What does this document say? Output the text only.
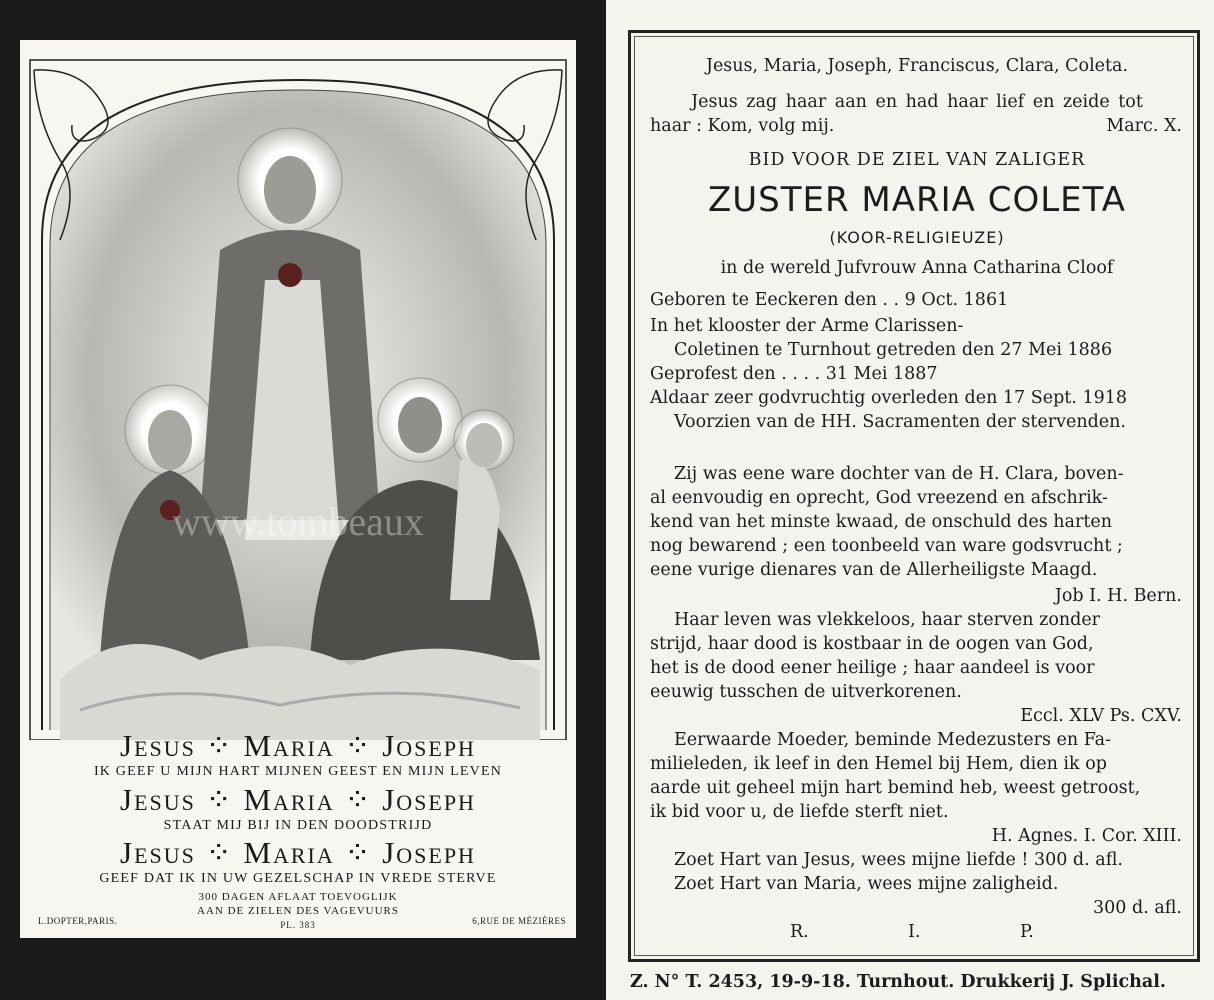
www.tombeaux
Jesus ⁘ Maria ⁘ Joseph
IK GEEF U MIJN HART MIJNEN GEEST EN MIJN LEVEN
Jesus ⁘ Maria ⁘ Joseph
STAAT MIJ BIJ IN DEN DOODSTRIJD
Jesus ⁘ Maria ⁘ Joseph
GEEF DAT IK IN UW GEZELSCHAP IN VREDE STERVE
300 DAGEN AFLAAT TOEVOGLIJK
AAN DE ZIELEN DES VAGEVUURS
PL. 383
L.DOPTER,PARIS.	6,RUE DE MÉZIÈRES
Jesus, Maria, Joseph, Franciscus, Clara, Coleta.
Jesus zag haar aan en had haar lief en zeide tot
haar : Kom, volg mij.	Marc. X.
BID VOOR DE ZIEL VAN ZALIGER
ZUSTER MARIA COLETA
(KOOR-RELIGIEUZE)
in de wereld Jufvrouw Anna Catharina Cloof
Geboren te Eeckeren den . . 9 Oct. 1861
In het klooster der Arme Clarissen-
Coletinen te Turnhout getreden den 27 Mei 1886
Geprofest den . . . . 31 Mei 1887
Aldaar zeer godvruchtig overleden den 17 Sept. 1918
Voorzien van de HH. Sacramenten der stervenden.
Zij was eene ware dochter van de H. Clara, boven-
al eenvoudig en oprecht, God vreezend en afschrik-
kend van het minste kwaad, de onschuld des harten
nog bewarend ; een toonbeeld van ware godsvrucht ;
eene vurige dienares van de Allerheiligste Maagd.
Job I. H. Bern.
Haar leven was vlekkeloos, haar sterven zonder
strijd, haar dood is kostbaar in de oogen van God,
het is de dood eener heilige ; haar aandeel is voor
eeuwig tusschen de uitverkorenen.
Eccl. XLV Ps. CXV.
Eerwaarde Moeder, beminde Medezusters en Fa-
milieleden, ik leef in den Hemel bij Hem, dien ik op
aarde uit geheel mijn hart bemind heb, weest getroost,
ik bid voor u, de liefde sterft niet.
H. Agnes. I. Cor. XIII.
Zoet Hart van Jesus, wees mijne liefde ! 300 d. afl.
Zoet Hart van Maria, wees mijne zaligheid.
300 d. afl.
R.	I.	P.
Z. N° T. 2453, 19-9-18. Turnhout. Drukkerij J. Splichal.
